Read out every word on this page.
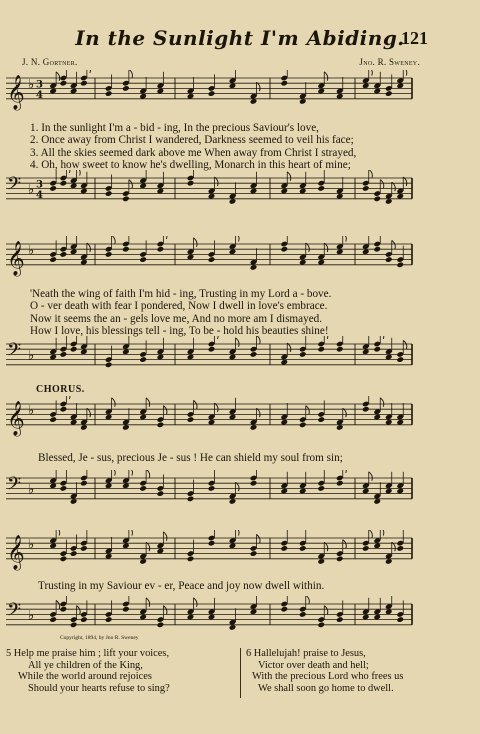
In the Sunlight I'm Abiding.
121
J. N. Gortner.	Jno. R. Sweney.
𝄞 ♭ 3
4
1. In the sunlight I'm a - bid - ing, In the precious Saviour's love,
2. Once away from Christ I wandered, Darkness seemed to veil his face;
3. All the skies seemed dark above me When away from Christ I strayed,
4. Oh, how sweet to know he's dwelling, Monarch in this heart of mine;
𝄢 ♭ 3
4
𝄞 ♭
'Neath the wing of faith I'm hid - ing, Trusting in my Lord a - bove.
O - ver death with fear I pondered, Now I dwell in love's embrace.
Now it seems the an - gels love me, And no more am I dismayed.
How I love, his blessings tell - ing, To be - hold his beauties shine!
𝄢 ♭
CHORUS.
𝄞 ♭
Blessed, Je - sus, precious Je - sus ! He can shield my soul from sin;
𝄢 ♭
𝄞 ♭
Trusting in my Saviour ev - er, Peace and joy now dwell within.
𝄢 ♭
Copyright, 1894, by Jno R. Sweney
5 Help me praise him ; lift your voices,
All ye children of the King,
While the world around rejoices
Should your hearts refuse to sing?
6 Hallelujah! praise to Jesus,
Victor over death and hell;
With the precious Lord who frees us
We shall soon go home to dwell.
